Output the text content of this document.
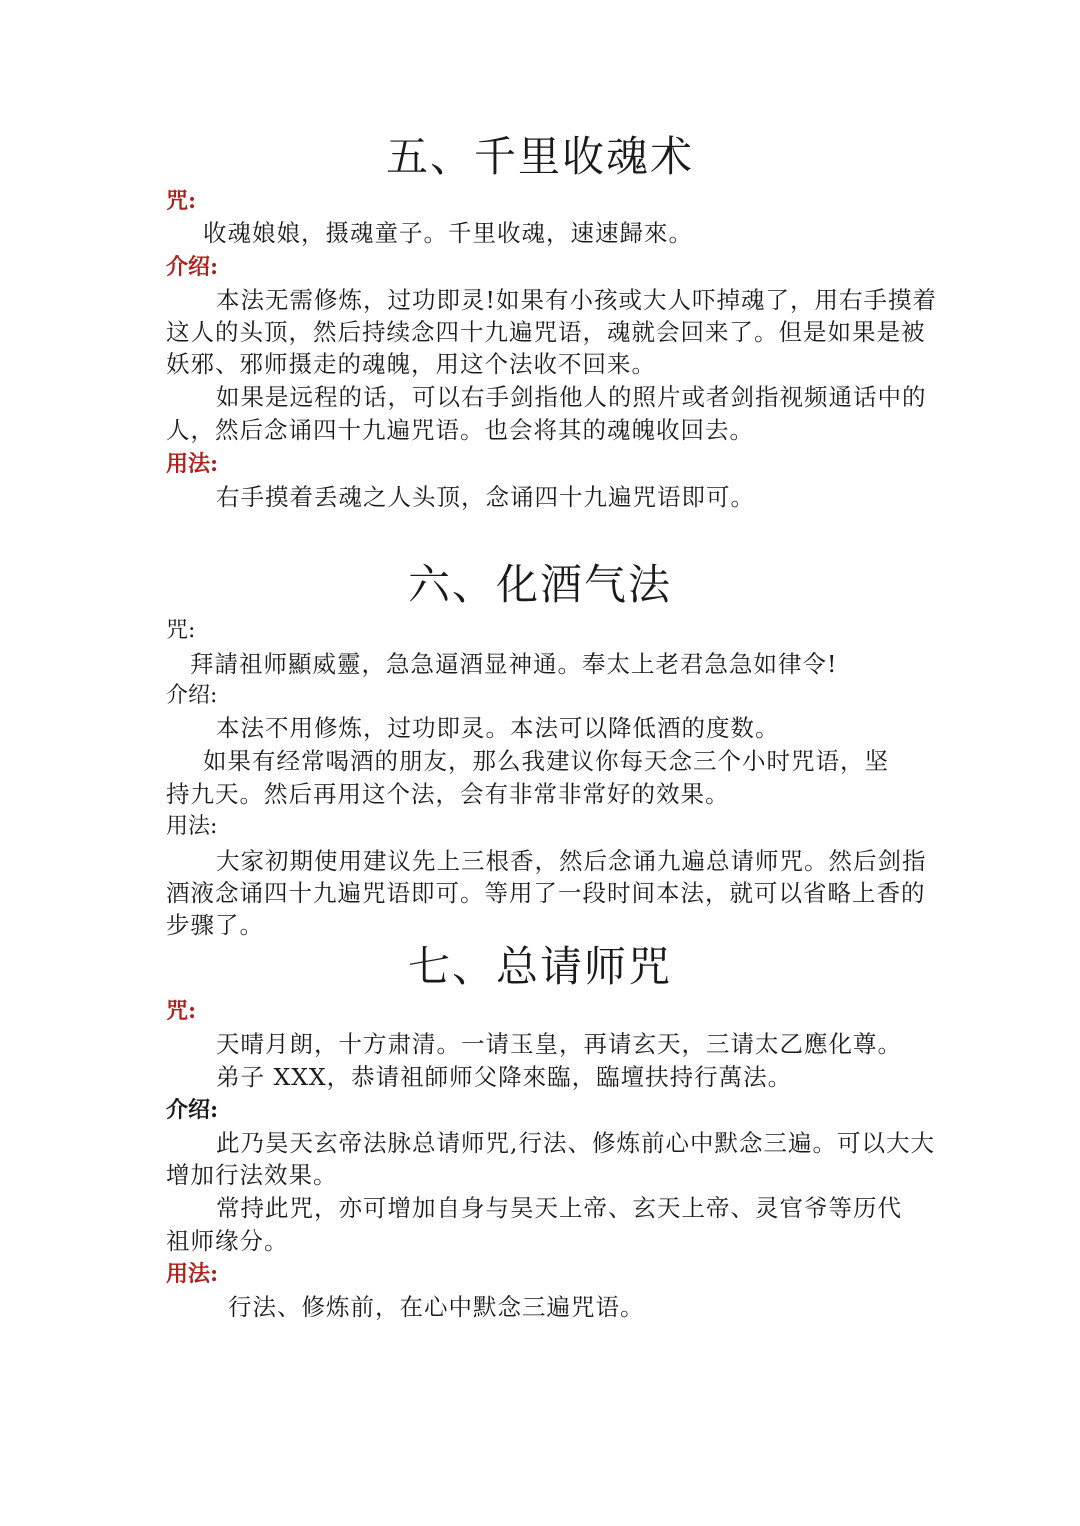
五、千里收魂术
咒:
收魂娘娘，摄魂童子。千里收魂，速速歸來。
介绍:
本法无需修炼，过功即灵!如果有小孩或大人吓掉魂了，用右手摸着
这人的头顶，然后持续念四十九遍咒语，魂就会回来了。但是如果是被
妖邪、邪师摄走的魂魄，用这个法收不回来。
如果是远程的话，可以右手剑指他人的照片或者剑指视频通话中的
人，然后念诵四十九遍咒语。也会将其的魂魄收回去。
用法:
右手摸着丢魂之人头顶，念诵四十九遍咒语即可。
六、化酒气法
咒:
拜請祖师顯威靈，急急逼酒显神通。奉太上老君急急如律令!
介绍:
本法不用修炼，过功即灵。本法可以降低酒的度数。
如果有经常喝酒的朋友，那么我建议你每天念三个小时咒语，坚
持九天。然后再用这个法，会有非常非常好的效果。
用法:
大家初期使用建议先上三根香，然后念诵九遍总请师咒。然后剑指
酒液念诵四十九遍咒语即可。等用了一段时间本法，就可以省略上香的
步骤了。
七、总请师咒
咒:
天晴月朗，十方肃清。一请玉皇，再请玄天，三请太乙應化尊。
弟子 XXX，恭请祖師师父降來臨，臨壇扶持行萬法。
介绍:
此乃昊天玄帝法脉总请师咒,行法、修炼前心中默念三遍。可以大大
增加行法效果。
常持此咒，亦可增加自身与昊天上帝、玄天上帝、灵官爷等历代
祖师缘分。
用法:
行法、修炼前，在心中默念三遍咒语。
